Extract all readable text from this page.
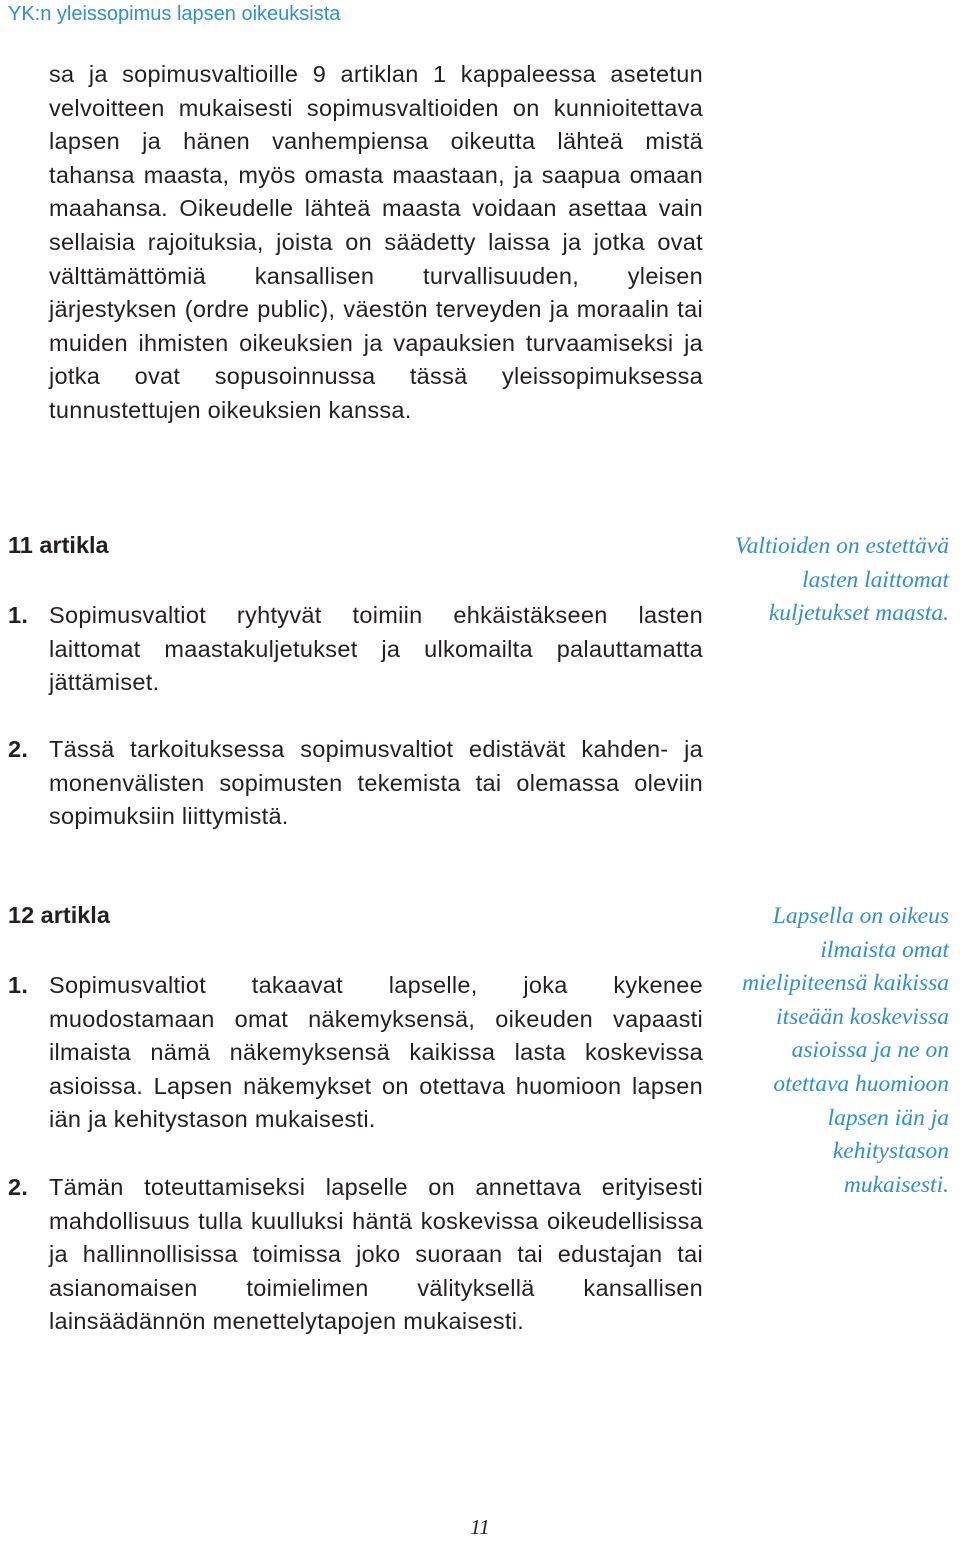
YK:n yleissopimus lapsen oikeuksista

sa ja sopimusvaltioille 9 artiklan 1 kappaleessa asetetun velvoitteen mukaisesti sopimusvaltioiden on kunnioitettava lapsen ja hänen vanhempiensa oikeutta lähteä mistä tahansa maasta, myös omasta maastaan, ja saapua omaan maahansa. Oikeudelle lähteä maasta voidaan asettaa vain sellaisia rajoituksia, joista on säädetty laissa ja jotka ovat välttämättömiä kansallisen turvallisuuden, yleisen järjestyksen (ordre public), väestön terveyden ja moraalin tai muiden ihmisten oikeuksien ja vapauksien turvaamiseksi ja jotka ovat sopusoinnussa tässä yleissopimuksessa tunnustettujen oikeuksien kanssa.

11 artikla
1. Sopimusvaltiot ryhtyvät toimiin ehkäistäkseen lasten laittomat maastakuljetukset ja ulkomailta palauttamatta jättämiset.
2. Tässä tarkoituksessa sopimusvaltiot edistävät kahden- ja monenvälisten sopimusten tekemista tai olemassa oleviin sopimuksiin liittymistä.

Valtioiden on estettävä lasten laittomat kuljetukset maasta.

12 artikla
1. Sopimusvaltiot takaavat lapselle, joka kykenee muodostamaan omat näkemyksensä, oikeuden vapaasti ilmaista nämä näkemyksensä kaikissa lasta koskevissa asioissa. Lapsen näkemykset on otettava huomioon lapsen iän ja kehitystason mukaisesti.
2. Tämän toteuttamiseksi lapselle on annettava erityisesti mahdollisuus tulla kuulluksi häntä koskevissa oikeudellisissa ja hallinnollisissa toimissa joko suoraan tai edustajan tai asianomaisen toimielimen välityksellä kansallisen lainsäädännön menettelytapojen mukaisesti.

Lapsella on oikeus ilmaista omat mielipiteensä kaikissa itseään koskevissa asioissa ja ne on otettava huomioon lapsen iän ja kehitystason mukaisesti.

11
